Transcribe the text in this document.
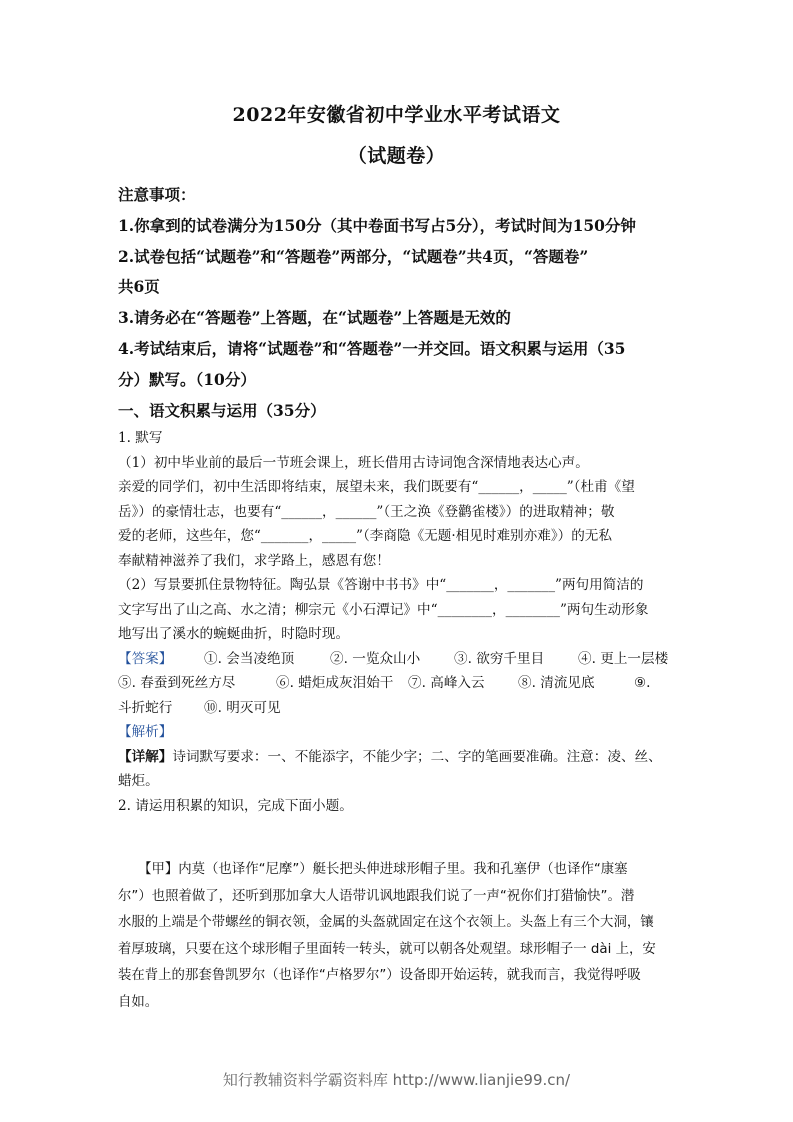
2022年安徽省初中学业水平考试语文
（试题卷）
注意事项：
1.你拿到的试卷满分为150分（其中卷面书写占5分），考试时间为150分钟
2.试卷包括“试题卷”和“答题卷”两部分，“试题卷”共4页，“答题卷”
共6页
3.请务必在“答题卷”上答题，在“试题卷”上答题是无效的
4.考试结束后，请将“试题卷”和“答题卷”一并交回。语文积累与运用（35
分）默写。（10分）
一、语文积累与运用（35分）
1. 默写
（1）初中毕业前的最后一节班会课上，班长借用古诗词饱含深情地表达心声。
亲爱的同学们，初中生活即将结束，展望未来，我们既要有“______，_____”（杜甫《望
岳》）的豪情壮志，也要有“______，______”（王之涣《登鹳雀楼》）的进取精神；敬
爱的老师，这些年，您“_______，_____”（李商隐《无题·相见时难别亦难》）的无私
奉献精神滋养了我们，求学路上，感恩有您！
（2）写景要抓住景物特征。陶弘景《答谢中书书》中“_______，_______”两句用简洁的
文字写出了山之高、水之清；柳宗元《小石潭记》中“________，________”两句生动形象
地写出了溪水的蜿蜒曲折，时隐时现。
【答案】	①. 会当凌绝顶	②. 一览众山小	③. 欲穷千里目	④. 更上一层楼
⑤. 春蚕到死丝方尽	⑥. 蜡炬成灰泪始干	⑦. 高峰入云	⑧. 清流见底	⑨.
斗折蛇行	⑩. 明灭可见
【解析】
【详解】诗词默写要求：一、不能添字，不能少字；二、字的笔画要准确。注意：凌、丝、
蜡炬。
2. 请运用积累的知识，完成下面小题。
　　【甲】内莫（也译作“尼摩”）艇长把头伸进球形帽子里。我和孔塞伊（也译作“康塞
尔”）也照着做了，还听到那加拿大人语带讥讽地跟我们说了一声“祝你们打猎愉快”。潜
水服的上端是个带螺丝的铜衣领，金属的头盔就固定在这个衣领上。头盔上有三个大洞，镶
着厚玻璃，只要在这个球形帽子里面转一转头，就可以朝各处观望。球形帽子一 dài 上，安
装在背上的那套鲁凯罗尔（也译作“卢格罗尔”）设备即开始运转，就我而言，我觉得呼吸
自如。
知行教辅资料学霸资料库 http://www.lianjie99.cn/
